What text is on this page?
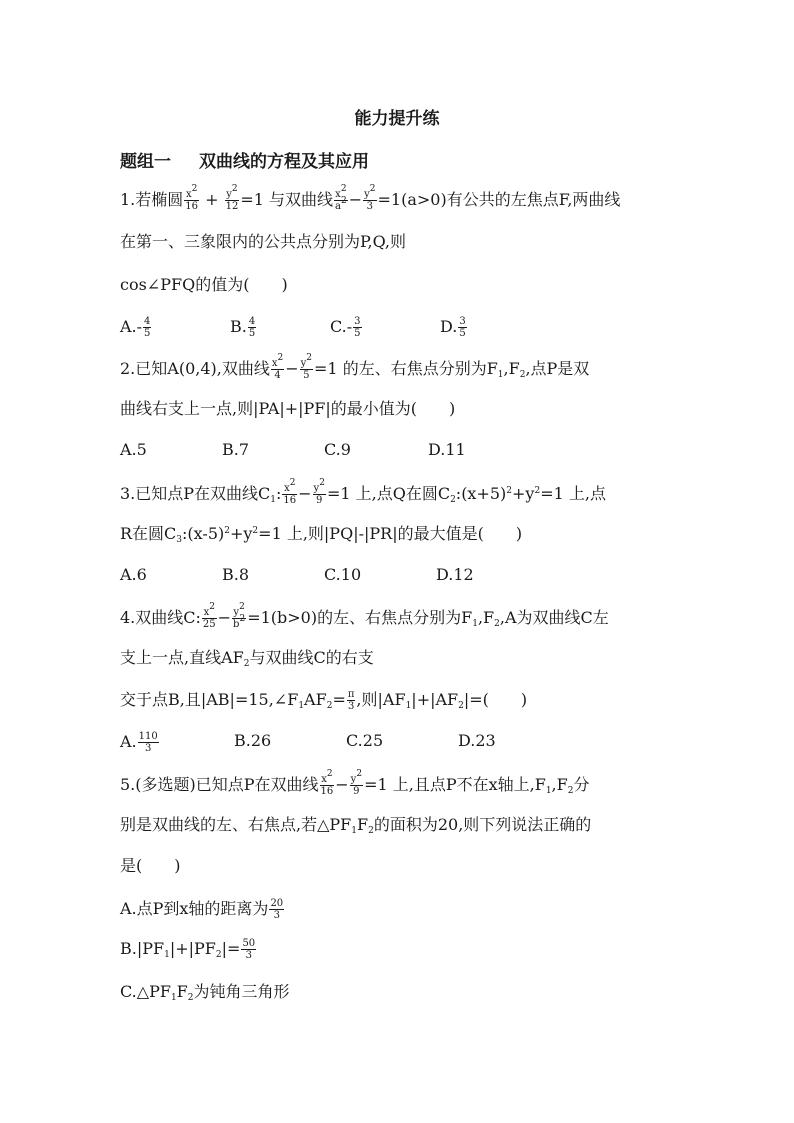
能力提升练
题组一 双曲线的方程及其应用
1.若椭圆 $\frac{x^2}{16} + \frac{y^2}{12} =1$ 与双曲线 $\frac{x^2}{a^2} - \frac{y^2}{3} =1(a>0)$有公共的左焦点F,两曲线
在第一、三象限内的公共点分别为P,Q,则
cos∠PFQ的值为(　　)
$A.- \frac{4}{5}$	B. $\frac{4}{5}$	$C.- \frac{3}{5}$	D. $\frac{3}{5}$
2.已知A(0,4),双曲线 $\frac{x^2}{4} - \frac{y^2}{5} =1$ 的左、右焦点分别为$F_1,F_2$,点P是双
曲线右支上一点,则|PA|+|PF|的最小值为(　　)
A.5	B.7	C.9	D.11
3.已知点P在双曲线$C_1$: $\frac{x^2}{16} - \frac{y^2}{9} =1$ 上,点Q在圆$C_2:(x+5)^2+y^2=1$ 上,点
R在圆$C_3:(x-5)^2+y^2=1$ 上,则|PQ|-|PR|的最大值是(　　)
A.6	B.8	C.10	D.12
4.双曲线C: $\frac{x^2}{25} - \frac{y^2}{b^2} =1(b>0)$的左、右焦点分别为$F_1,F_2,A$为双曲线C左
支上一点,直线$AF_2$与双曲线C的右支
交于点B,且$|AB|=15,\angle F_1AF_2= \frac{\pi}{3}$ ,则$|AF_1|+|AF_2|=$(　　)
A. $\frac{110}{3}$	B.26	C.25	D.23
5.(多选题)已知点P在双曲线 $\frac{x^2}{16} - \frac{y^2}{9} =1$ 上,且点P不在x轴上$,F_1,F_2$分
别是双曲线的左、右焦点,若$\triangle PF_1F_2$的面积为20,则下列说法正确的
是(　　)
A.点P到x轴的距离为 $\frac{20}{3}$
$B.|PF_1|+|PF_2|= \frac{50}{3}$
$C.\triangle PF_1F_2$为钝角三角形
